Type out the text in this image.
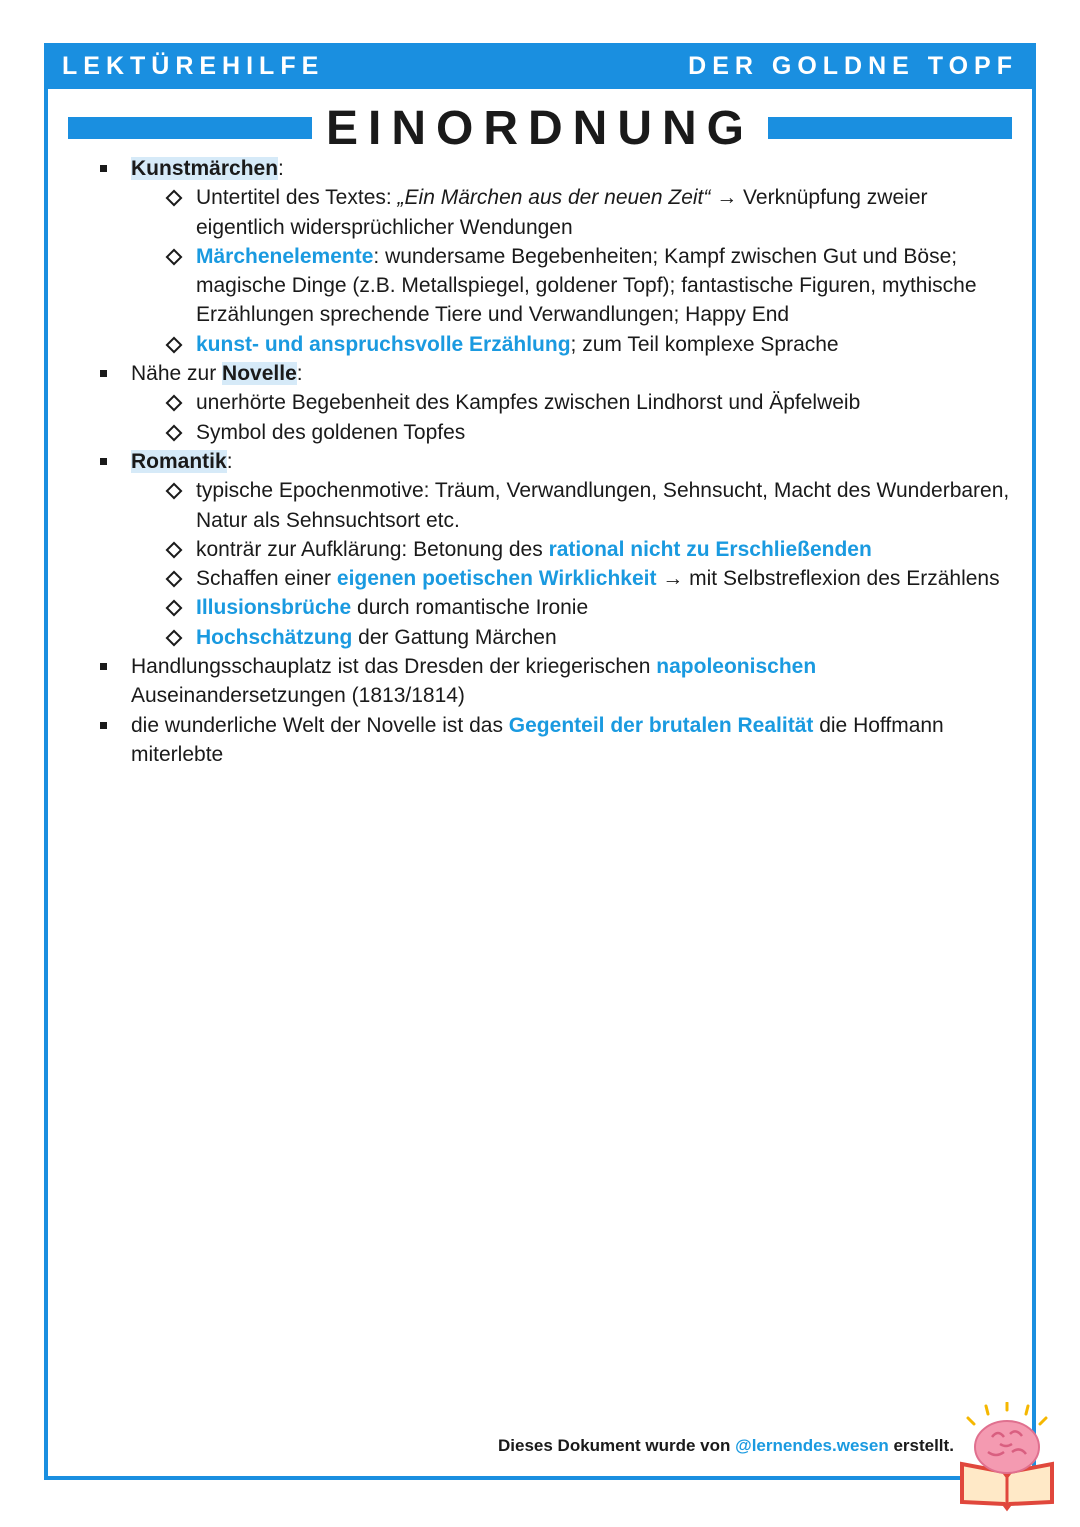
LEKTÜREHILFE	DER GOLDNE TOPF
EINORDNUNG
Kunstmärchen:
Untertitel des Textes: „Ein Märchen aus der neuen Zeit“ → Verknüpfung zweier eigentlich widersprüchlicher Wendungen
Märchenelemente: wundersame Begebenheiten; Kampf zwischen Gut und Böse; magische Dinge (z.B. Metallspiegel, goldener Topf); fantastische Figuren, mythische Erzählungen sprechende Tiere und Verwandlungen; Happy End
kunst- und anspruchsvolle Erzählung; zum Teil komplexe Sprache
Nähe zur Novelle:
unerhörte Begebenheit des Kampfes zwischen Lindhorst und Äpfelweib
Symbol des goldenen Topfes
Romantik:
typische Epochenmotive: Träum, Verwandlungen, Sehnsucht, Macht des Wunderbaren, Natur als Sehnsuchtsort etc.
konträr zur Aufklärung: Betonung des rational nicht zu Erschließenden
Schaffen einer eigenen poetischen Wirklichkeit → mit Selbstreflexion des Erzählens
Illusionsbrüche durch romantische Ironie
Hochschätzung der Gattung Märchen
Handlungsschauplatz ist das Dresden der kriegerischen napoleonischen Auseinandersetzungen (1813/1814)
die wunderliche Welt der Novelle ist das Gegenteil der brutalen Realität die Hoffmann miterlebte
Dieses Dokument wurde von @lernendes.wesen erstellt.
